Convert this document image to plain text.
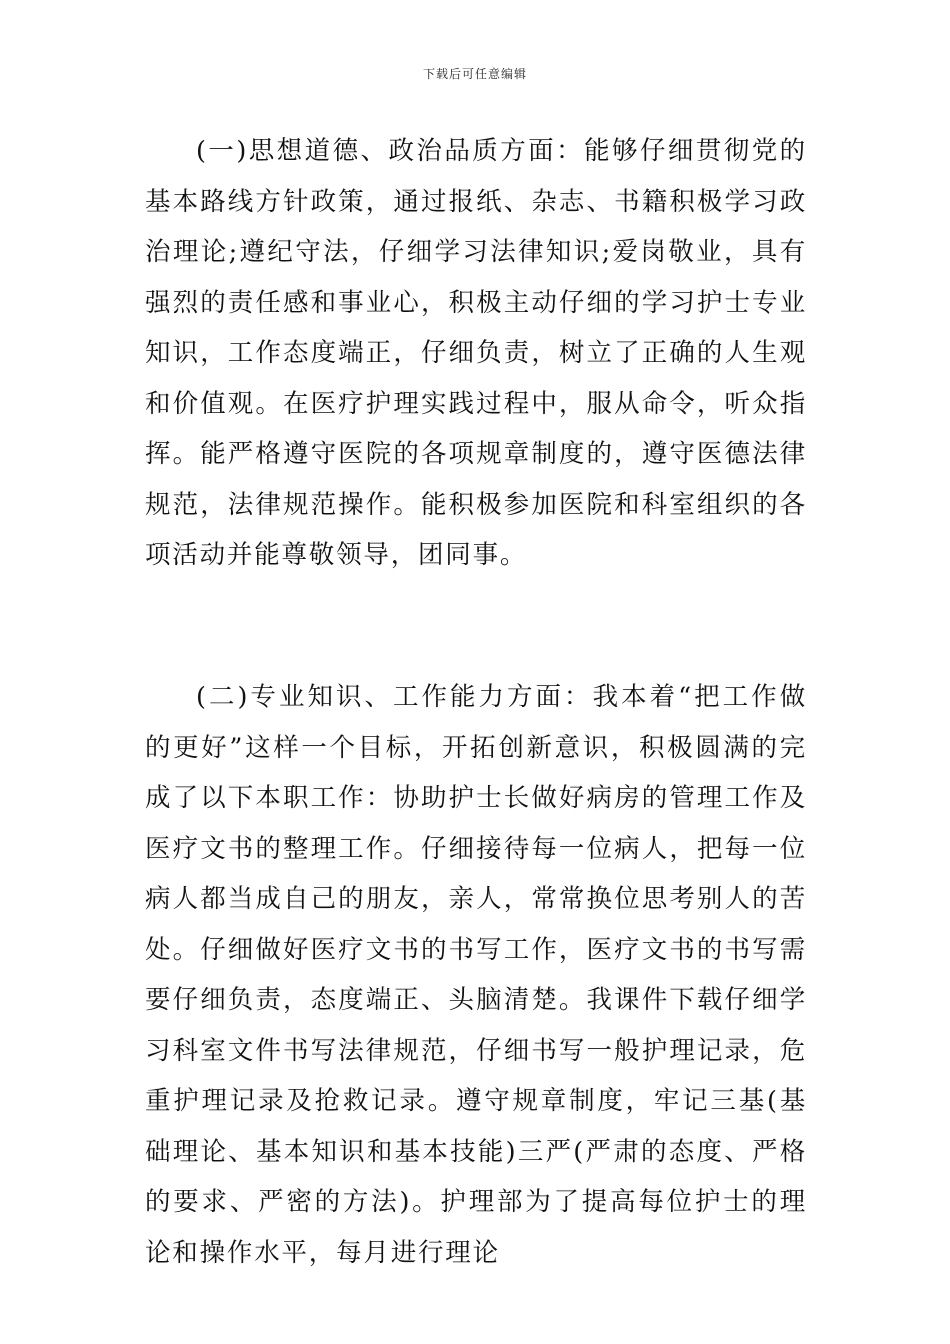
下载后可任意编辑

(一)思想道德、政治品质方面：能够仔细贯彻党的基本路线方针政策，通过报纸、杂志、书籍积极学习政治理论;遵纪守法，仔细学习法律知识;爱岗敬业，具有强烈的责任感和事业心，积极主动仔细的学习护士专业知识，工作态度端正，仔细负责，树立了正确的人生观和价值观。在医疗护理实践过程中，服从命令，听众指挥。能严格遵守医院的各项规章制度的，遵守医德法律规范，法律规范操作。能积极参加医院和科室组织的各项活动并能尊敬领导，团同事。

(二)专业知识、工作能力方面：我本着“把工作做的更好”这样一个目标，开拓创新意识，积极圆满的完成了以下本职工作：协助护士长做好病房的管理工作及医疗文书的整理工作。仔细接待每一位病人，把每一位病人都当成自己的朋友，亲人，常常换位思考别人的苦处。仔细做好医疗文书的书写工作，医疗文书的书写需要仔细负责，态度端正、头脑清楚。我课件下载仔细学习科室文件书写法律规范，仔细书写一般护理记录，危重护理记录及抢救记录。遵守规章制度，牢记三基(基础理论、基本知识和基本技能)三严(严肃的态度、严格的要求、严密的方法)。护理部为了提高每位护士的理论和操作水平，每月进行理论
